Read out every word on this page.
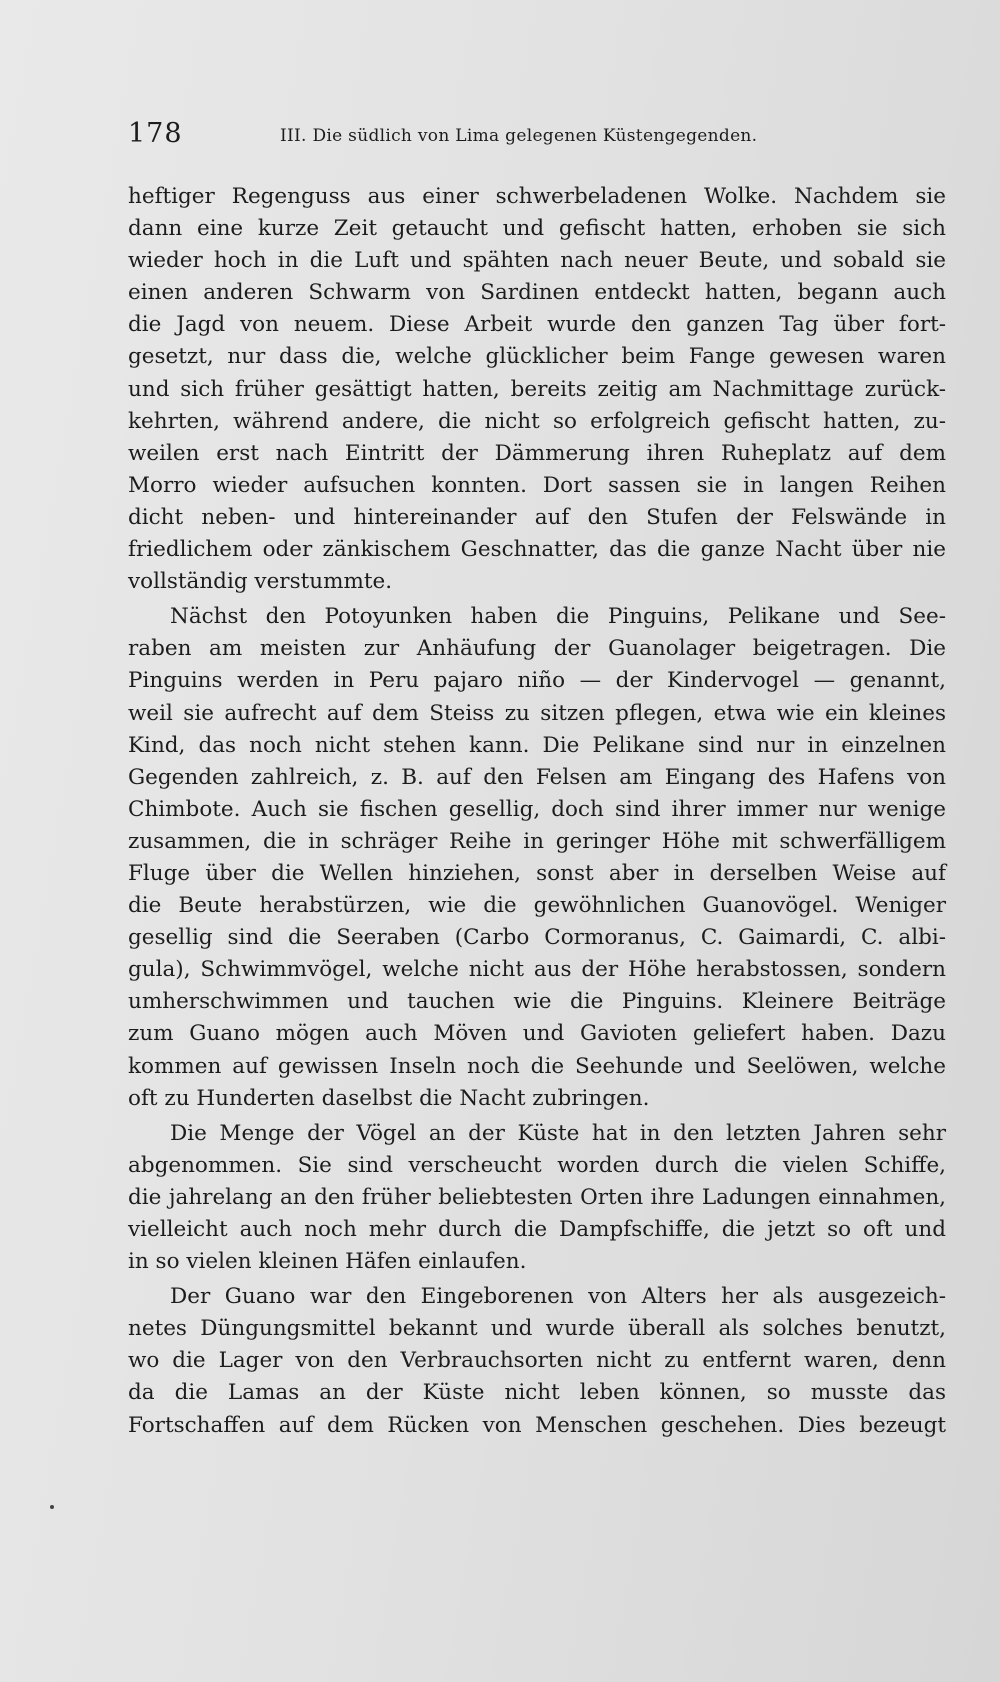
178	III. Die südlich von Lima gelegenen Küstengegenden.
heftiger Regenguss aus einer schwerbeladenen Wolke. Nachdem sie
dann eine kurze Zeit getaucht und gefischt hatten, erhoben sie sich
wieder hoch in die Luft und spähten nach neuer Beute, und sobald sie
einen anderen Schwarm von Sardinen entdeckt hatten, begann auch
die Jagd von neuem. Diese Arbeit wurde den ganzen Tag über fort-
gesetzt, nur dass die, welche glücklicher beim Fange gewesen waren
und sich früher gesättigt hatten, bereits zeitig am Nachmittage zurück-
kehrten, während andere, die nicht so erfolgreich gefischt hatten, zu-
weilen erst nach Eintritt der Dämmerung ihren Ruheplatz auf dem
Morro wieder aufsuchen konnten. Dort sassen sie in langen Reihen
dicht neben- und hintereinander auf den Stufen der Felswände in
friedlichem oder zänkischem Geschnatter, das die ganze Nacht über nie
vollständig verstummte.
Nächst den Potoyunken haben die Pinguins, Pelikane und See-
raben am meisten zur Anhäufung der Guanolager beigetragen. Die
Pinguins werden in Peru pajaro niño — der Kindervogel — genannt,
weil sie aufrecht auf dem Steiss zu sitzen pflegen, etwa wie ein kleines
Kind, das noch nicht stehen kann. Die Pelikane sind nur in einzelnen
Gegenden zahlreich, z. B. auf den Felsen am Eingang des Hafens von
Chimbote. Auch sie fischen gesellig, doch sind ihrer immer nur wenige
zusammen, die in schräger Reihe in geringer Höhe mit schwerfälligem
Fluge über die Wellen hinziehen, sonst aber in derselben Weise auf
die Beute herabstürzen, wie die gewöhnlichen Guanovögel. Weniger
gesellig sind die Seeraben (Carbo Cormoranus, C. Gaimardi, C. albi-
gula), Schwimmvögel, welche nicht aus der Höhe herabstossen, sondern
umherschwimmen und tauchen wie die Pinguins. Kleinere Beiträge
zum Guano mögen auch Möven und Gavioten geliefert haben. Dazu
kommen auf gewissen Inseln noch die Seehunde und Seelöwen, welche
oft zu Hunderten daselbst die Nacht zubringen.
Die Menge der Vögel an der Küste hat in den letzten Jahren sehr
abgenommen. Sie sind verscheucht worden durch die vielen Schiffe,
die jahrelang an den früher beliebtesten Orten ihre Ladungen einnahmen,
vielleicht auch noch mehr durch die Dampfschiffe, die jetzt so oft und
in so vielen kleinen Häfen einlaufen.
Der Guano war den Eingeborenen von Alters her als ausgezeich-
netes Düngungsmittel bekannt und wurde überall als solches benutzt,
wo die Lager von den Verbrauchsorten nicht zu entfernt waren, denn
da die Lamas an der Küste nicht leben können, so musste das
Fortschaffen auf dem Rücken von Menschen geschehen. Dies bezeugt
